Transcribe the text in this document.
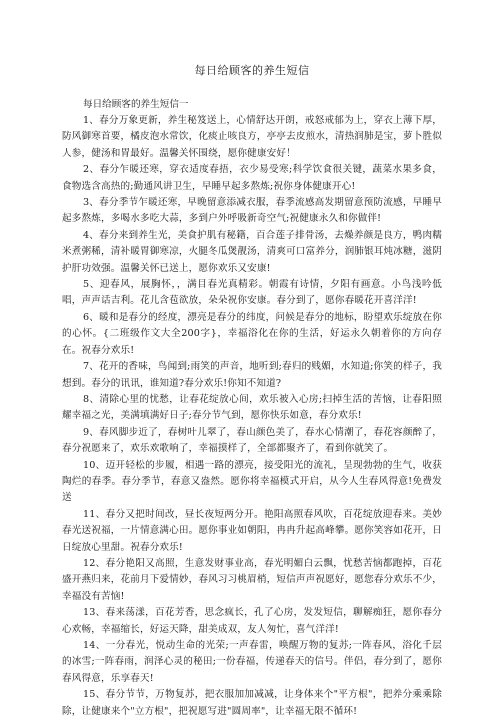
每日给顾客的养生短信

每日给顾客的养生短信一

1、春分万象更新，养生秘笈送上，心情舒达开朗，戒怒戒郁为上，穿衣上薄下厚，防风御寒首要，橘皮泡水常饮，化痰止咳良方，亭亭去皮煎水，清热润肺是宝，萝卜胜似人参，健汤和胃最好。温馨关怀围绕，愿你健康安好！

2、春分乍暖还寒，穿衣适度春捂，衣少易受寒;科学饮食很关键，蔬菜水果多食，食物选含高热的;勤通风讲卫生，早睡早起多熬炼;祝你身体健康开心!

3、春分季节乍暖还寒，早晚留意添减衣服，春季流感高发期留意预防流感，早睡早起多熬炼，多喝水多吃大蒜，多到户外呼吸新奇空气;祝健康永久和你做伴!

4、春分来到养生光，美食护肌有秘籍，百合莲子排骨汤，去燥养颜是良方，鸭肉糯米煮粥稀，清补暖胃御寒凉，火腿冬瓜煲靓汤，清爽可口富养分，润肺银耳炖冰糖，滋阴护肝功效强。温馨关怀已送上，愿你欢乐又安康!

5、迎春风，展胸怀，，满目春光真精彩。朝霞有诗情，夕阳有画意。小鸟浅吟低唱，声声话吉利。花儿含苞欲放，朵朵祝你安康。春分到了，愿你春暖花开喜洋洋!

6、暖和是春分的经度，漂亮是春分的纬度，问候是春分的地标，盼望欢乐绽放在你的心怀。{二班级作文大全200字}，幸福浴化在你的生活，好运永久朝着你的方向存在。祝春分欢乐!

7、花开的香味，鸟闻到;雨笑的声音，地听到;春归的贱媚，水知道;你笑的样子，我想到。春分的讯讯，谁知道?春分欢乐!你知不知道?

8、清除心里的忧愁，让春花绽放心间，欢乐被入心房;扫掉生活的苦恼，让春阳照耀幸福之光，美满填满好日子;春分节气到，愿你快乐如意，春分欢乐!

9、春风脚步近了，春树叶儿翠了，春山颜色美了，春水心情潮了，春花容颜醉了，春分祝愿来了，欢乐欢歌响了，幸福摸样了，全部都聚齐了，看到你就笑了。

10、迈开轻松的步履，相遇一路的漂亮，接受阳光的流礼，呈现勃勃的生气，收获陶烂的春季。春分季节，春意又盎然。愿你将幸福模式开启，从今人生春风得意!免费发送

11、春分又把时间改，昼长夜短两分开。艳阳高照春风吹，百花绽放迎春来。美妙春光送祝福，一片情意满心田。愿你事业如朝阳，冉冉升起高峰攀。愿你笑容如花开，日日绽放心里甜。祝春分欢乐!

12、春分艳阳又高照，生意发财事业高，春光明媚白云飘，忧愁苦恼都跑掉，百花盛开燕归来，花前月下爱情妙，春风习习桃眉梢，短信声声祝愿好，愿您春分欢乐不少，幸福没有苦恼!

13、春来荡漾，百花芳香，思念疯长，孔了心房，发发短信，聊解痴狂，愿你春分心欢畅，幸福缩长，好运天降，甜美成双，友人匆忙，喜气洋洋!

14、一分春光，悦动生命的光荣;一声春雷，唤醒万物的复苏;一阵春风，浴化千层的冰雪;一阵春雨，润泽心灵的秘田;一份春福，传递春天的信号。伴侣，春分到了，愿你春风得意，乐享春天!

15、春分节节，万物复苏，把衣服加加减减，让身体来个"平方根"，把养分乘乘除除，让健康来个"立方根"，把祝愿写进"圆周率"，让幸福无限不循环!
